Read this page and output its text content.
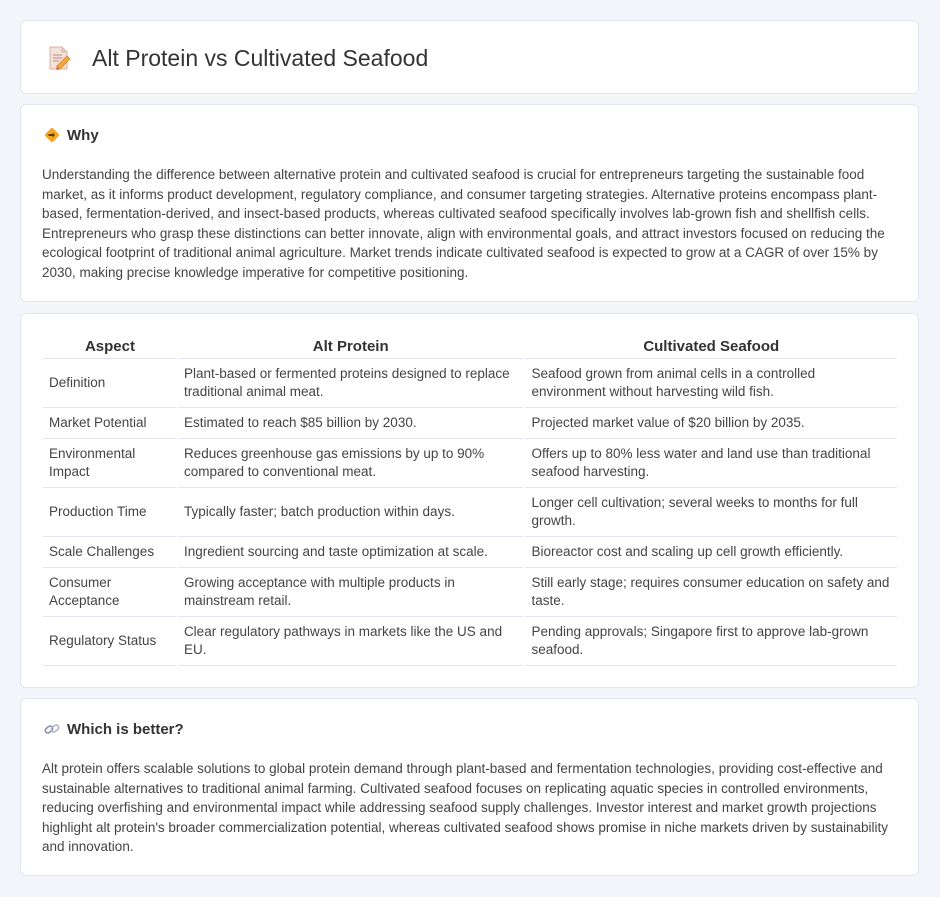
Alt Protein vs Cultivated Seafood
Why

Understanding the difference between alternative protein and cultivated seafood is crucial for entrepreneurs targeting the sustainable food market, as it informs product development, regulatory compliance, and consumer targeting strategies. Alternative proteins encompass plant-based, fermentation-derived, and insect-based products, whereas cultivated seafood specifically involves lab-grown fish and shellfish cells. Entrepreneurs who grasp these distinctions can better innovate, align with environmental goals, and attract investors focused on reducing the ecological footprint of traditional animal agriculture. Market trends indicate cultivated seafood is expected to grow at a CAGR of over 15% by 2030, making precise knowledge imperative for competitive positioning.

Aspect	Alt Protein	Cultivated Seafood
Definition	Plant-based or fermented proteins designed to replace traditional animal meat.	Seafood grown from animal cells in a controlled environment without harvesting wild fish.
Market Potential	Estimated to reach $85 billion by 2030.	Projected market value of $20 billion by 2035.
Environmental Impact	Reduces greenhouse gas emissions by up to 90% compared to conventional meat.	Offers up to 80% less water and land use than traditional seafood harvesting.
Production Time	Typically faster; batch production within days.	Longer cell cultivation; several weeks to months for full growth.
Scale Challenges	Ingredient sourcing and taste optimization at scale.	Bioreactor cost and scaling up cell growth efficiently.
Consumer Acceptance	Growing acceptance with multiple products in mainstream retail.	Still early stage; requires consumer education on safety and taste.
Regulatory Status	Clear regulatory pathways in markets like the US and EU.	Pending approvals; Singapore first to approve lab-grown seafood.
Which is better?

Alt protein offers scalable solutions to global protein demand through plant-based and fermentation technologies, providing cost-effective and sustainable alternatives to traditional animal farming. Cultivated seafood focuses on replicating aquatic species in controlled environments, reducing overfishing and environmental impact while addressing seafood supply challenges. Investor interest and market growth projections highlight alt protein's broader commercialization potential, whereas cultivated seafood shows promise in niche markets driven by sustainability and innovation.
